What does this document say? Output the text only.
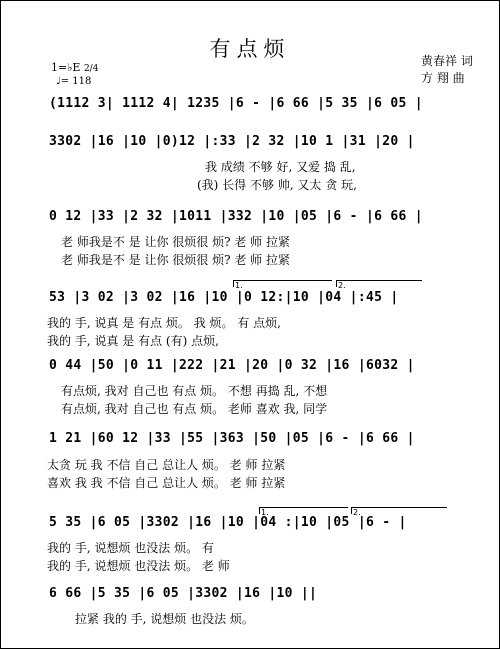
有点烦
1=♭E 2/4
♩= 118
黄春祥 词
方 翔 曲
(1112 3| 1112 4| 1235 |6 - |6 66 |5 35 |6 05 |
3302 |16 |10 |0)12 |:33 |2 32 |10 1 |31 |20 |
我 成绩 不够 好, 又爱 捣 乱,
(我) 长得 不够 帅, 又太 贪 玩,
0 12 |33 |2 32 |1011 |332 |10 |05 |6 - |6 66 |
老 师我是不 是 让你 很烦很 烦? 老 师 拉紧
老 师我是不 是 让你 很烦很 烦? 老 师 拉紧
1.	2.
53 |3 02 |3 02 |16 |10 |0 12:|10 |04 |:45 |
我的 手, 说真 是 有点 烦。 我 烦。 有 点烦,
我的 手, 说真 是 有点 (有) 点烦,
0 44 |50 |0 11 |222 |21 |20 |0 32 |16 |6032 |
有点烦, 我对 自己也 有点 烦。 不想 再捣 乱, 不想
有点烦, 我对 自己也 有点 烦。 老师 喜欢 我, 同学
1 21 |60 12 |33 |55 |363 |50 |05 |6 - |6 66 |
太贪 玩 我 不信 自己 总让人 烦。 老 师 拉紧
喜欢 我 我 不信 自己 总让人 烦。 老 师 拉紧
1.	2.
5 35 |6 05 |3302 |16 |10 |04 :|10 |05 |6 - |
我的 手, 说想烦 也没法 烦。 有
我的 手, 说想烦 也没法 烦。 老 师
6 66 |5 35 |6 05 |3302 |16 |10 ||
拉紧 我的 手, 说想烦 也没法 烦。
